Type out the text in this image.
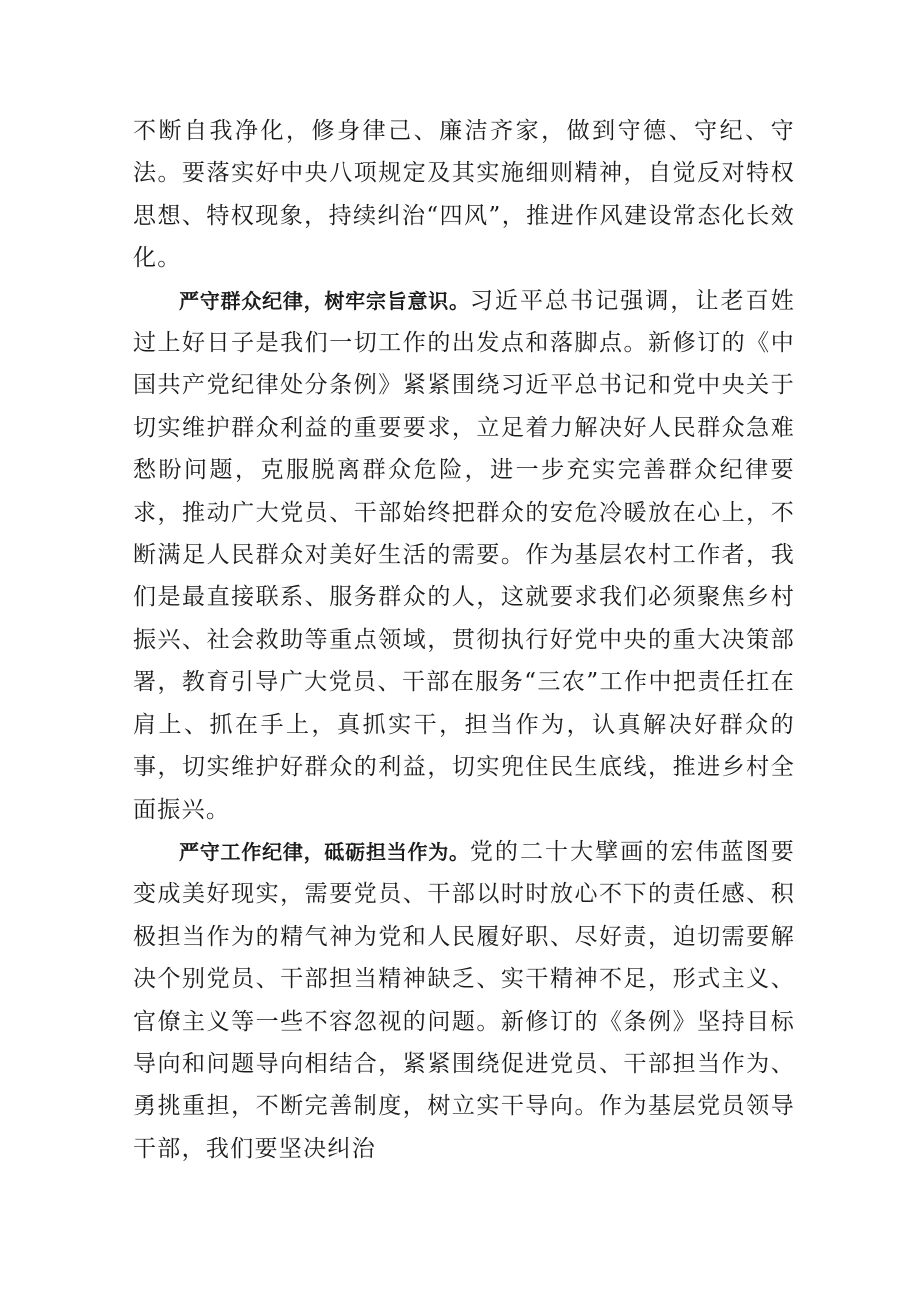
不断自我净化，修身律己、廉洁齐家，做到守德、守纪、守法。要落实好中央八项规定及其实施细则精神，自觉反对特权思想、特权现象，持续纠治“四风”，推进作风建设常态化长效化。

严守群众纪律，树牢宗旨意识。习近平总书记强调，让老百姓过上好日子是我们一切工作的出发点和落脚点。新修订的《中国共产党纪律处分条例》紧紧围绕习近平总书记和党中央关于切实维护群众利益的重要要求，立足着力解决好人民群众急难愁盼问题，克服脱离群众危险，进一步充实完善群众纪律要求，推动广大党员、干部始终把群众的安危冷暖放在心上，不断满足人民群众对美好生活的需要。作为基层农村工作者，我们是最直接联系、服务群众的人，这就要求我们必须聚焦乡村振兴、社会救助等重点领域，贯彻执行好党中央的重大决策部署，教育引导广大党员、干部在服务“三农”工作中把责任扛在肩上、抓在手上，真抓实干，担当作为，认真解决好群众的事，切实维护好群众的利益，切实兜住民生底线，推进乡村全面振兴。

严守工作纪律，砥砺担当作为。党的二十大擘画的宏伟蓝图要变成美好现实，需要党员、干部以时时放心不下的责任感、积极担当作为的精气神为党和人民履好职、尽好责，迫切需要解决个别党员、干部担当精神缺乏、实干精神不足，形式主义、官僚主义等一些不容忽视的问题。新修订的《条例》坚持目标导向和问题导向相结合，紧紧围绕促进党员、干部担当作为、勇挑重担，不断完善制度，树立实干导向。作为基层党员领导干部，我们要坚决纠治
